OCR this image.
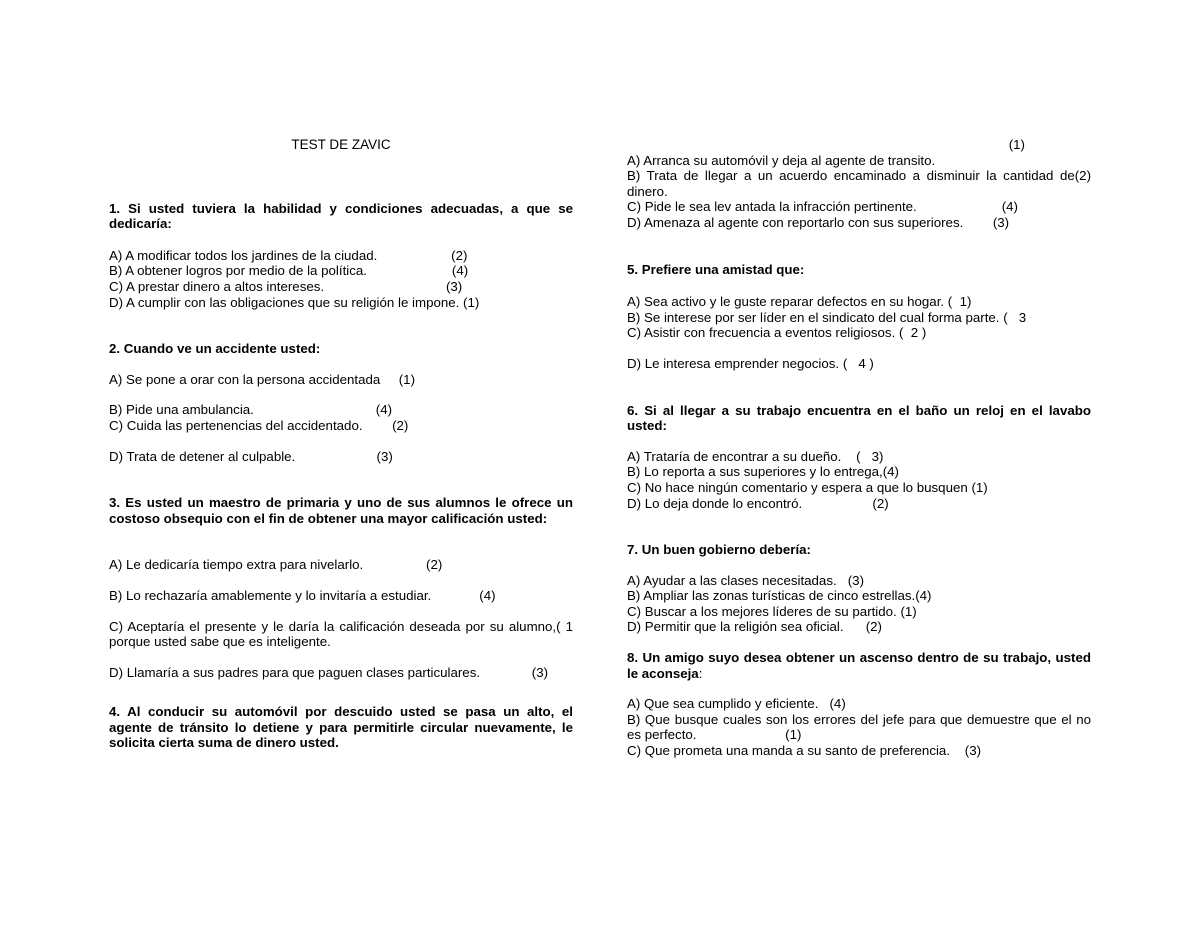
TEST DE ZAVIC

1. Si usted tuviera la habilidad y condiciones adecuadas, a que se dedicaría:

A) A modificar todos los jardines de la ciudad.                    (2)

B) A obtener logros por medio de la política.                       (4)

C) A prestar dinero a altos intereses.                                 (3)

D) A cumplir con las obligaciones que su religión le impone. (1)

2. Cuando ve un accidente usted:

A) Se pone a orar con la persona accidentada     (1)

B) Pide una ambulancia.                                 (4)

C) Cuida las pertenencias del accidentado.        (2)

D) Trata de detener al culpable.                      (3)

3. Es usted un maestro de primaria y uno de sus alumnos le ofrece un costoso obsequio con el fin de obtener una mayor calificación usted:

A) Le dedicaría tiempo extra para nivelarlo.                 (2)

B) Lo rechazaría amablemente y lo invitaría a estudiar.             (4)

C) Aceptaría el presente y le daría la calificación deseada por su alumno,( 1 porque usted sabe que es inteligente.

D) Llamaría a sus padres para que paguen clases particulares.              (3)

4. Al conducir su automóvil por descuido usted se pasa un alto, el agente de tránsito lo detiene y para permitirle circular nuevamente, le solicita cierta suma de dinero usted.

(1)

A) Arranca su automóvil y deja al agente de transito.

B) Trata de llegar a un acuerdo encaminado a disminuir la cantidad de(2) dinero.

C) Pide le sea lev antada la infracción pertinente.                       (4)

D) Amenaza al agente con reportarlo con sus superiores.        (3)

5. Prefiere una amistad que:

A) Sea activo y le guste reparar defectos en su hogar. (  1)

B) Se interese por ser líder en el sindicato del cual forma parte. (   3

C) Asistir con frecuencia a eventos religiosos. (  2 )

D) Le interesa emprender negocios. (   4 )

6. Si al llegar a su trabajo encuentra en el baño un reloj en el lavabo usted:

A) Trataría de encontrar a su dueño.    (   3)

B) Lo reporta a sus superiores y lo entrega,(4)

C) No hace ningún comentario y espera a que lo busquen (1)

D) Lo deja donde lo encontró.                   (2)

7. Un buen gobierno debería:

A) Ayudar a las clases necesitadas.   (3)

B) Ampliar las zonas turísticas de cinco estrellas.(4)

C) Buscar a los mejores líderes de su partido. (1)

D) Permitir que la religión sea oficial.      (2)

8. Un amigo suyo desea obtener un ascenso dentro de su trabajo, usted le aconseja:

A) Que sea cumplido y eficiente.   (4)

B) Que busque cuales son los errores del jefe para que demuestre que el no es perfecto.                        (1)

C) Que prometa una manda a su santo de preferencia.    (3)
